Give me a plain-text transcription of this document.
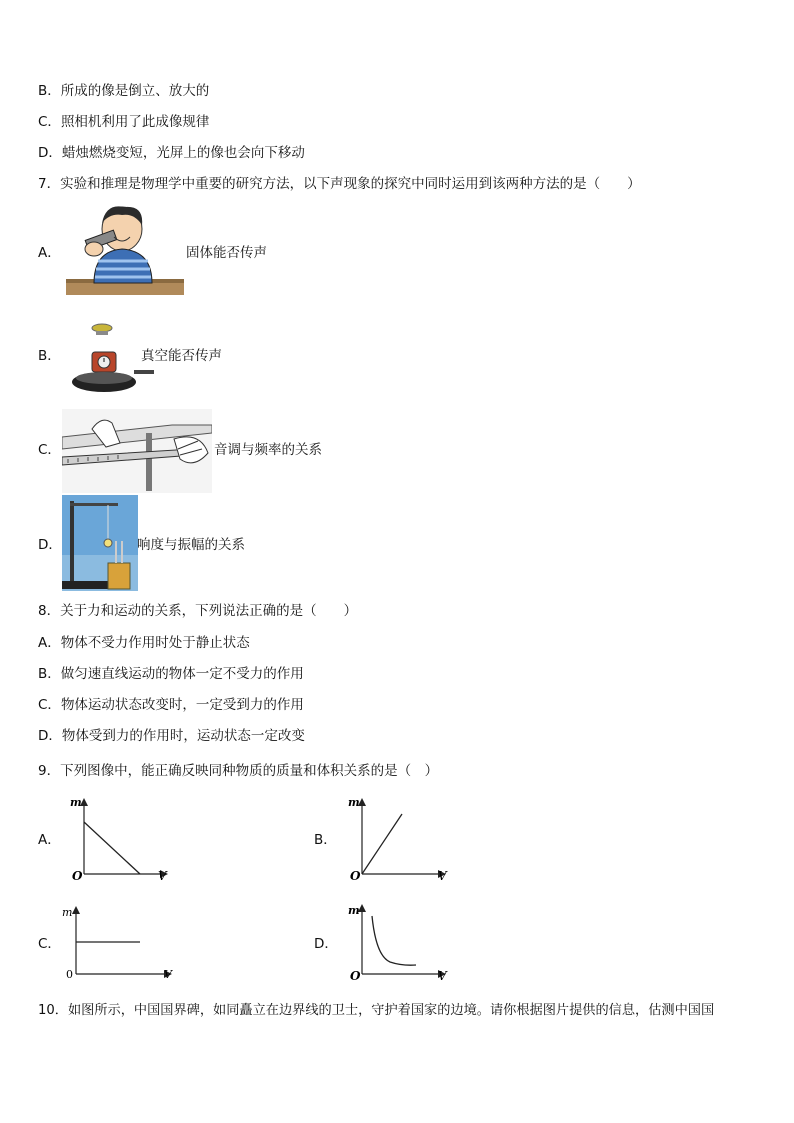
B．所成的像是倒立、放大的
C．照相机利用了此成像规律
D．蜡烛燃烧变短，光屏上的像也会向下移动
7．实验和推理是物理学中重要的研究方法，以下声现象的探究中同时运用到该两种方法的是（　　）
A．	固体能否传声
B．	真空能否传声
C．	音调与频率的关系
D．	响度与振幅的关系
8．关于力和运动的关系，下列说法正确的是（　　）
A．物体不受力作用时处于静止状态
B．做匀速直线运动的物体一定不受力的作用
C．物体运动状态改变时，一定受到力的作用
D．物体受到力的作用时，运动状态一定改变
9．下列图像中，能正确反映同种物质的质量和体积关系的是（　）
A．
m
O	V
B．
m
O	V
C．
m
0	V
D．
m
O	V
10．如图所示，中国国界碑，如同矗立在边界线的卫士，守护着国家的边境。请你根据图片提供的信息，估测中国国
